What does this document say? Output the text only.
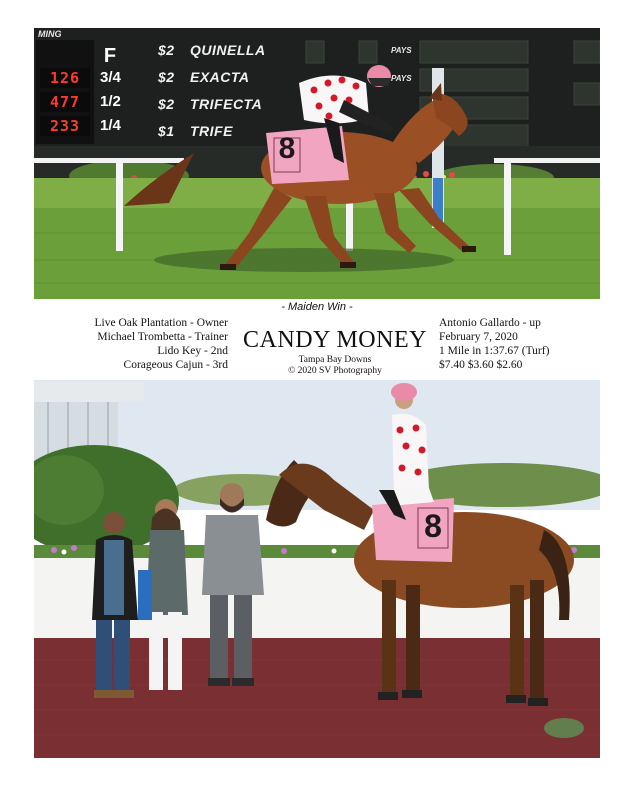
MING
F
3/4
1/2
1/4
126
477
233
$2 QUINELLA
$2 EXACTA
$2 TRIFECTA
$1 TRIFE
PAYS
PAYS
8
- Maiden Win -
Live Oak Plantation - Owner
Michael Trombetta - Trainer
Lido Key - 2nd
Corageous Cajun - 3rd
CANDY MONEY
Tampa Bay Downs
© 2020 SV Photography
Antonio Gallardo - up
February 7, 2020
1 Mile in 1:37.67 (Turf)
$7.40 $3.60 $2.60
8
